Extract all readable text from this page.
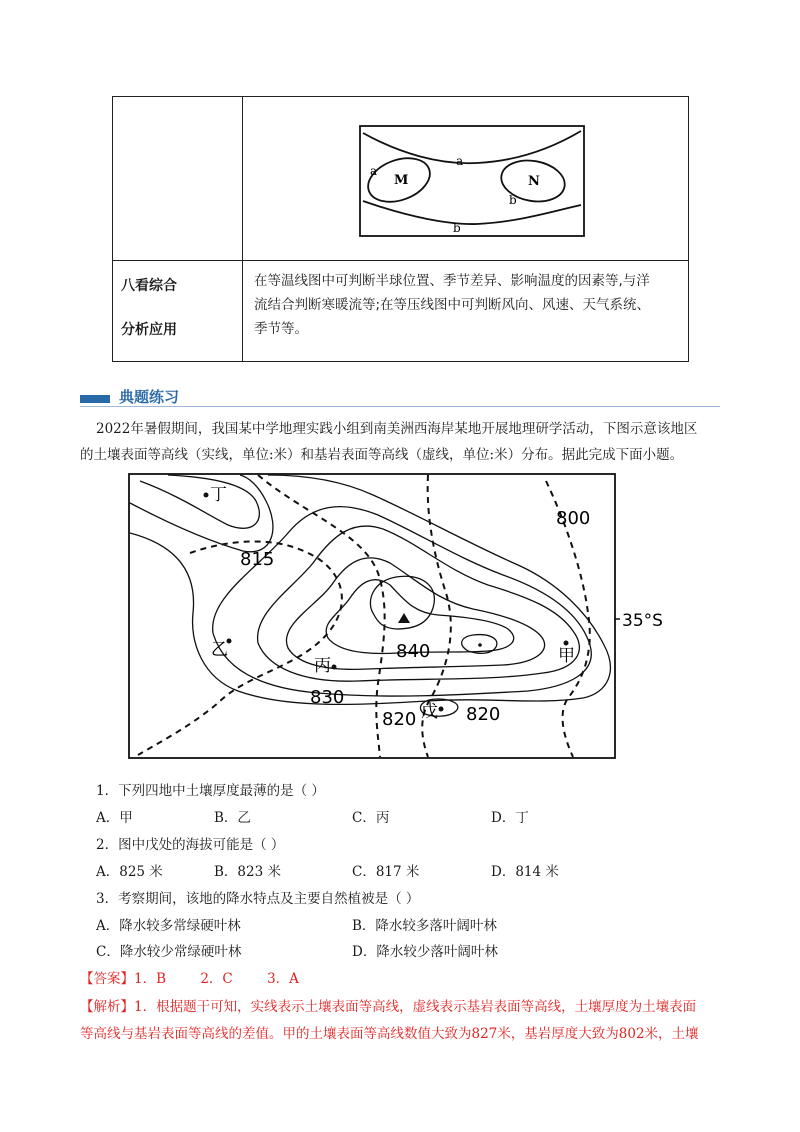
a
a
M	N
b
b
八看综合
分析应用
在等温线图中可判断半球位置、季节差异、影响温度的因素等,与洋
流结合判断寒暖流等;在等压线图中可判断风向、风速、天气系统、
季节等。
典题练习
2022年暑假期间，我国某中学地理实践小组到南美洲西海岸某地开展地理研学活动，下图示意该地区
的土壤表面等高线（实线，单位:米）和基岩表面等高线（虚线，单位:米）分布。据此完成下面小题。
丁
乙
丙	甲
戊
815
800
840
830
820	820
35°S
1．下列四地中土壤厚度最薄的是（ ）
A．甲	B．乙	C．丙	D．丁
2．图中戊处的海拔可能是（ ）
A．825 米	B．823 米	C．817 米	D．814 米
3．考察期间，该地的降水特点及主要自然植被是（ ）
A．降水较多常绿硬叶林	B．降水较多落叶阔叶林
C．降水较少常绿硬叶林	D．降水较少落叶阔叶林
【答案】1．B        2．C        3．A
【解析】1．根据题干可知，实线表示土壤表面等高线，虚线表示基岩表面等高线，土壤厚度为土壤表面
等高线与基岩表面等高线的差值。甲的土壤表面等高线数值大致为827米，基岩厚度大致为802米，土壤
